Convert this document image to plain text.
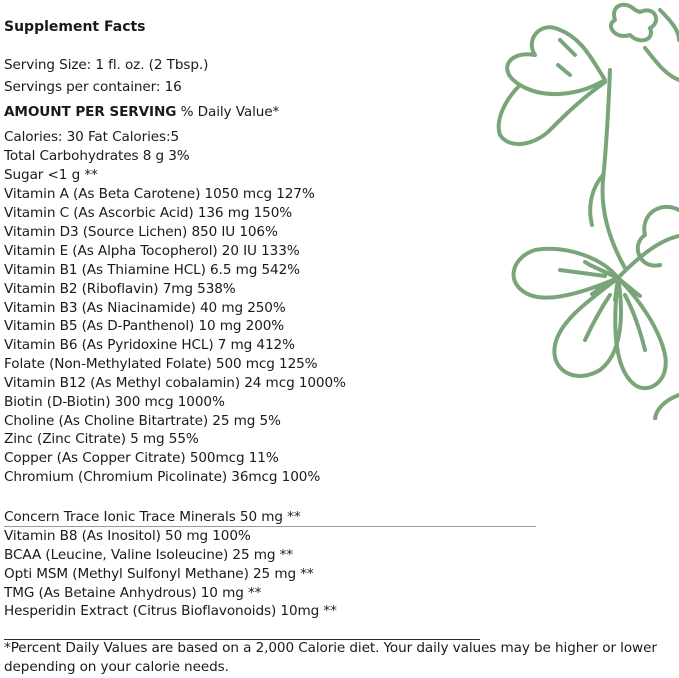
Supplement Facts
Serving Size: 1 fl. oz. (2 Tbsp.)
Servings per container: 16
AMOUNT PER SERVING % Daily Value*
Calories: 30 Fat Calories:5
Total Carbohydrates 8 g 3%
Sugar <1 g **
Vitamin A (As Beta Carotene) 1050 mcg 127%
Vitamin C (As Ascorbic Acid) 136 mg 150%
Vitamin D3 (Source Lichen) 850 IU 106%
Vitamin E (As Alpha Tocopherol) 20 IU 133%
Vitamin B1 (As Thiamine HCL) 6.5 mg 542%
Vitamin B2 (Riboflavin) 7mg 538%
Vitamin B3 (As Niacinamide) 40 mg 250%
Vitamin B5 (As D-Panthenol) 10 mg 200%
Vitamin B6 (As Pyridoxine HCL) 7 mg 412%
Folate (Non-Methylated Folate) 500 mcg 125%
Vitamin B12 (As Methyl cobalamin) 24 mcg 1000%
Biotin (D-Biotin) 300 mcg 1000%
Choline (As Choline Bitartrate) 25 mg 5%
Zinc (Zinc Citrate) 5 mg 55%
Copper (As Copper Citrate) 500mcg 11%
Chromium (Chromium Picolinate) 36mcg 100%
Concern Trace Ionic Trace Minerals 50 mg **
Vitamin B8 (As Inositol) 50 mg 100%
BCAA (Leucine, Valine Isoleucine) 25 mg **
Opti MSM (Methyl Sulfonyl Methane) 25 mg **
TMG (As Betaine Anhydrous) 10 mg **
Hesperidin Extract (Citrus Bioflavonoids) 10mg **
______________________________________________________________________
*Percent Daily Values are based on a 2,000 Calorie diet. Your daily values may be higher or lower depending on your calorie needs.
